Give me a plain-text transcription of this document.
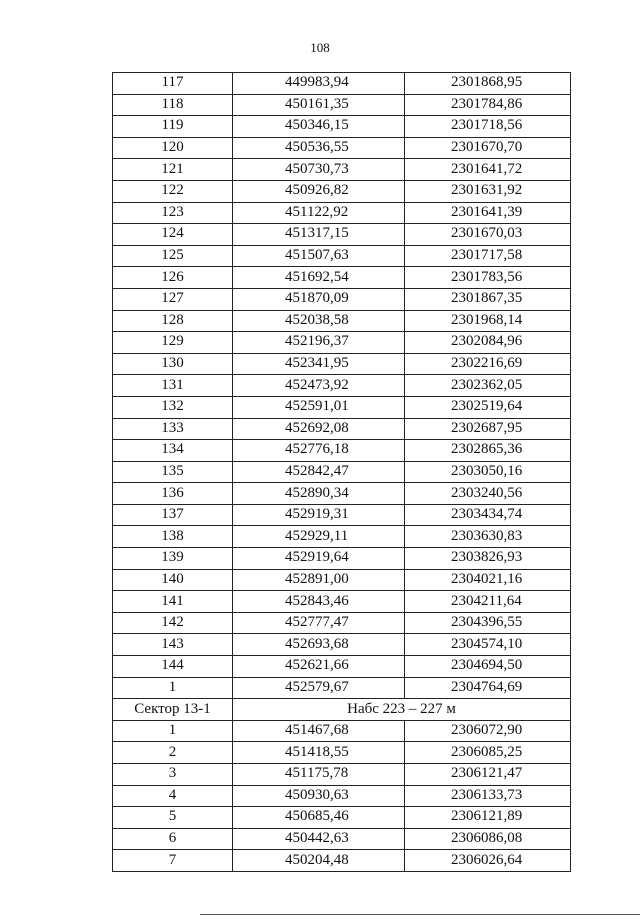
108
117	449983,94	2301868,95
118	450161,35	2301784,86
119	450346,15	2301718,56
120	450536,55	2301670,70
121	450730,73	2301641,72
122	450926,82	2301631,92
123	451122,92	2301641,39
124	451317,15	2301670,03
125	451507,63	2301717,58
126	451692,54	2301783,56
127	451870,09	2301867,35
128	452038,58	2301968,14
129	452196,37	2302084,96
130	452341,95	2302216,69
131	452473,92	2302362,05
132	452591,01	2302519,64
133	452692,08	2302687,95
134	452776,18	2302865,36
135	452842,47	2303050,16
136	452890,34	2303240,56
137	452919,31	2303434,74
138	452929,11	2303630,83
139	452919,64	2303826,93
140	452891,00	2304021,16
141	452843,46	2304211,64
142	452777,47	2304396,55
143	452693,68	2304574,10
144	452621,66	2304694,50
1	452579,67	2304764,69
Сектор 13-1	Набс 223 – 227 м	
1	451467,68	2306072,90
2	451418,55	2306085,25
3	451175,78	2306121,47
4	450930,63	2306133,73
5	450685,46	2306121,89
6	450442,63	2306086,08
7	450204,48	2306026,64
